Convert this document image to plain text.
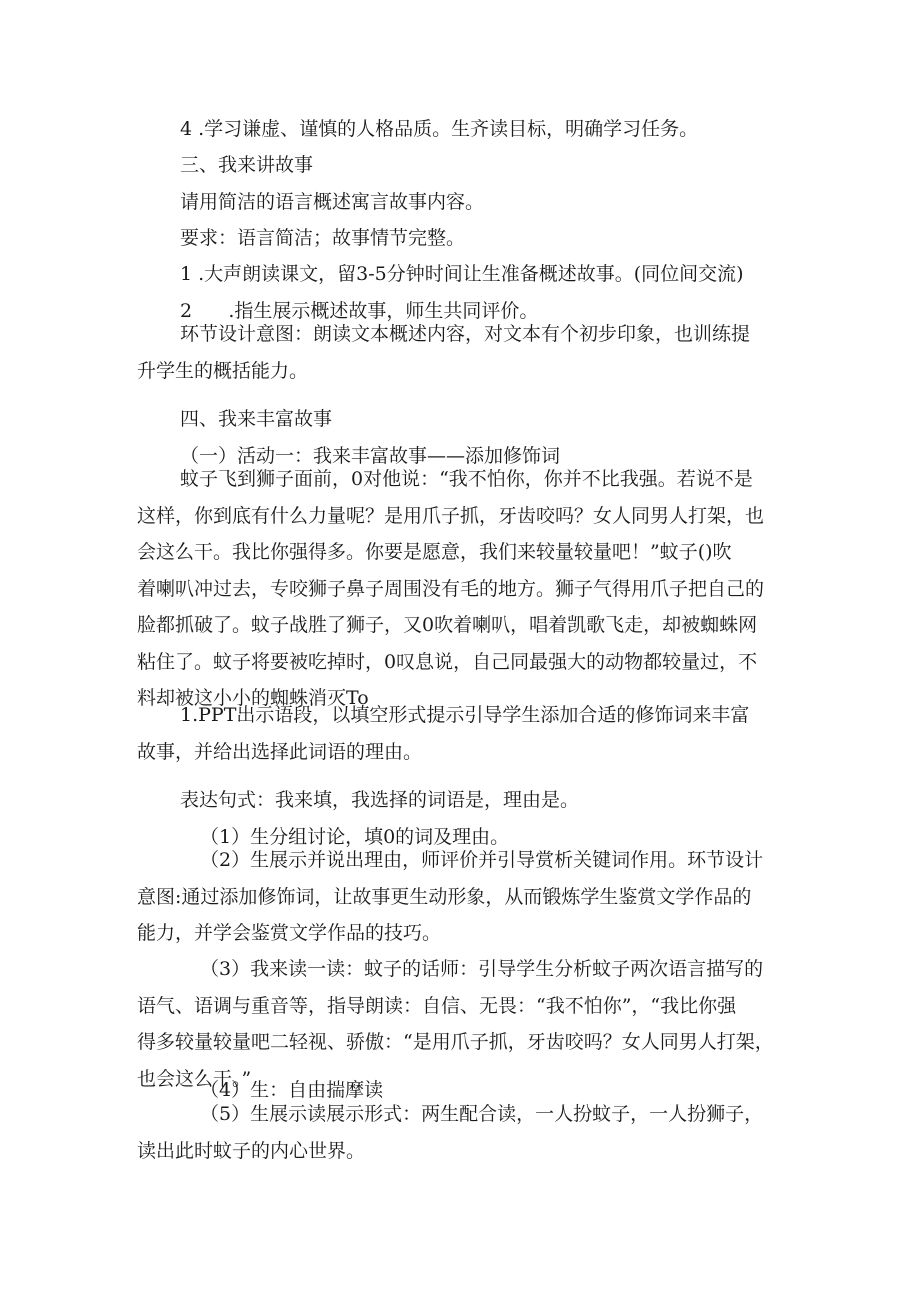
4 .学习谦虚、谨慎的人格品质。生齐读目标，明确学习任务。

三、我来讲故事

请用简洁的语言概述寓言故事内容。

要求：语言简洁；故事情节完整。

1 .大声朗读课文，留3-5分钟时间让生准备概述故事。(同位间交流)

2      .指生展示概述故事，师生共同评价。

环节设计意图：朗读文本概述内容，对文本有个初步印象，也训练提
升学生的概括能力。

四、我来丰富故事

（一）活动一：我来丰富故事——添加修饰词

蚊子飞到狮子面前，0对他说：“我不怕你，你并不比我强。若说不是
这样，你到底有什么力量呢？是用爪子抓，牙齿咬吗？女人同男人打架，也
会这么干。我比你强得多。你要是愿意，我们来较量较量吧！”蚊子()吹
着喇叭冲过去，专咬狮子鼻子周围没有毛的地方。狮子气得用爪子把自己的
脸都抓破了。蚊子战胜了狮子，又0吹着喇叭，唱着凯歌飞走，却被蜘蛛网
粘住了。蚊子将要被吃掉时，0叹息说，自己同最强大的动物都较量过，不
料却被这小小的蜘蛛消灭To
1.PPT出示语段，以填空形式提示引导学生添加合适的修饰词来丰富
故事，并给出选择此词语的理由。

表达句式：我来填，我选择的词语是，理由是。

（1）生分组讨论，填0的词及理由。

（2）生展示并说出理由，师评价并引导赏析关键词作用。环节设计
意图:通过添加修饰词，让故事更生动形象，从而锻炼学生鉴赏文学作品的
能力，并学会鉴赏文学作品的技巧。
（3）我来读一读：蚊子的话师：引导学生分析蚊子两次语言描写的
语气、语调与重音等，指导朗读：自信、无畏：“我不怕你”，“我比你强
得多较量较量吧二轻视、骄傲：“是用爪子抓，牙齿咬吗？女人同男人打架，
也会这么干。”

（4）生：自由揣摩读

（5）生展示读展示形式：两生配合读，一人扮蚊子，一人扮狮子，
读出此时蚊子的内心世界。
